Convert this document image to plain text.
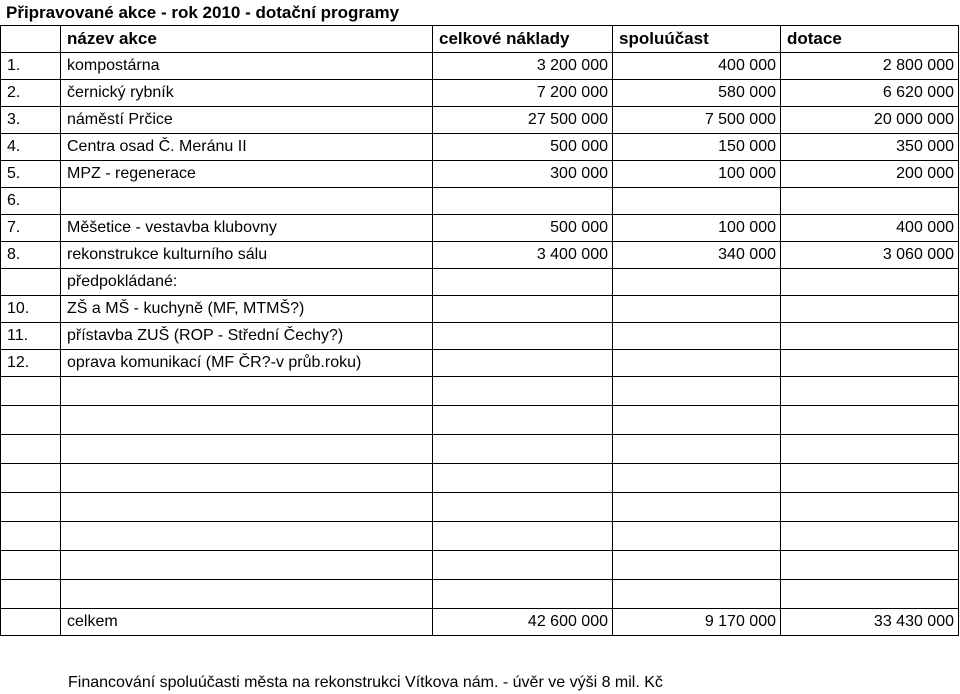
Připravované akce - rok 2010 - dotační programy
	název akce	celkové náklady	spoluúčast	dotace
1.	kompostárna	3 200 000	400 000	2 800 000
2.	černický rybník	7 200 000	580 000	6 620 000
3.	náměstí Prčice	27 500 000	7 500 000	20 000 000
4.	Centra osad Č. Meránu II	500 000	150 000	350 000
5.	MPZ - regenerace	300 000	100 000	200 000
6.				
7.	Měšetice - vestavba klubovny	500 000	100 000	400 000
8.	rekonstrukce kulturního sálu	3 400 000	340 000	3 060 000
	předpokládané:			
10.	ZŠ a MŠ - kuchyně (MF, MTMŠ?)			
11.	přístavba ZUŠ (ROP - Střední Čechy?)			
12.	oprava komunikací (MF ČR?-v průb.roku)			

	celkem	42 600 000	9 170 000	33 430 000
Financování spoluúčasti města na rekonstrukci Vítkova nám. - úvěr ve výši 8 mil. Kč
